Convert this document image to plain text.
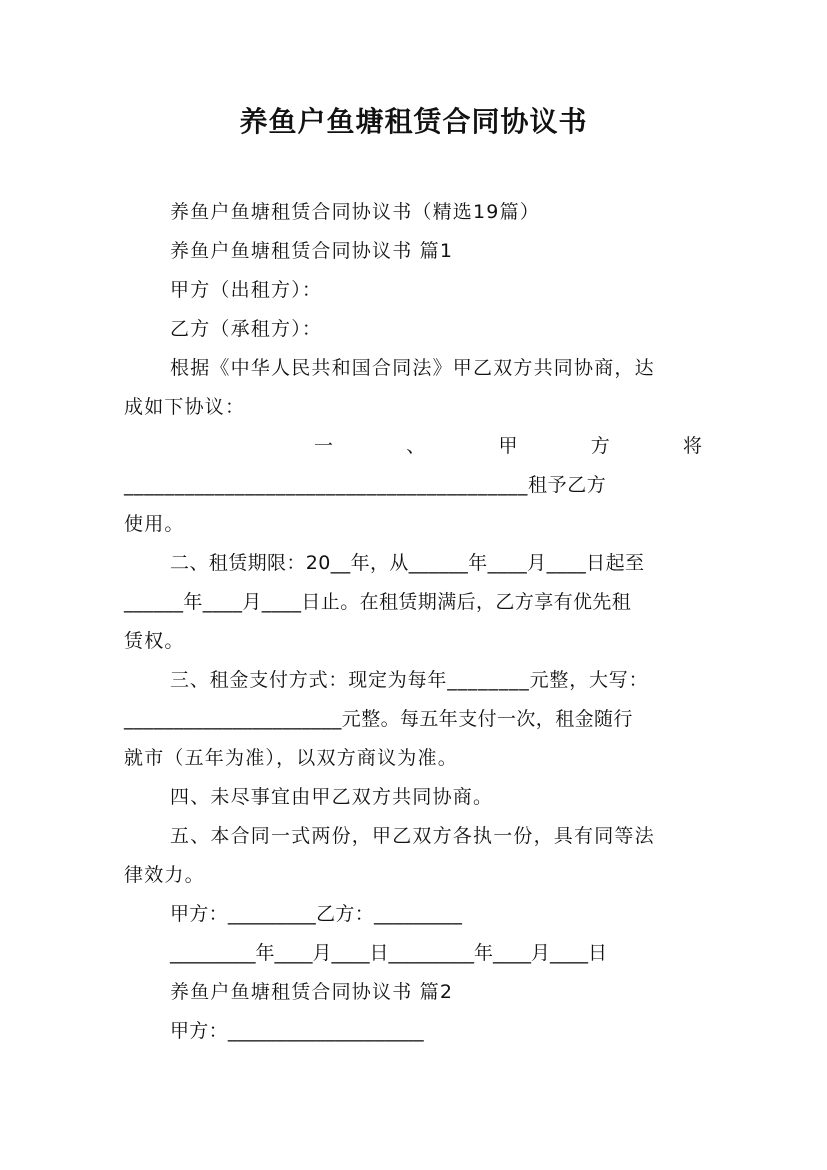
养鱼户鱼塘租赁合同协议书
养鱼户鱼塘租赁合同协议书（精选19篇）
养鱼户鱼塘租赁合同协议书 篇1
甲方（出租方）：
乙方（承租方）：
根据《中华人民共和国合同法》甲乙双方共同协商，达
成如下协议：
一	、	甲	方	将
________________________________________租予乙方
使用。
二、租赁期限：20__年，从______年____月____日起至
______年____月____日止。在租赁期满后，乙方享有优先租
赁权。
三、租金支付方式：现定为每年________元整，大写：
______________________元整。每五年支付一次，租金随行
就市（五年为准），以双方商议为准。
四、未尽事宜由甲乙双方共同协商。
五、本合同一式两份，甲乙双方各执一份，具有同等法
律效力。
甲方：_________乙方：_________
_________年____月____日_________年____月____日
养鱼户鱼塘租赁合同协议书 篇2
甲方：____________________
